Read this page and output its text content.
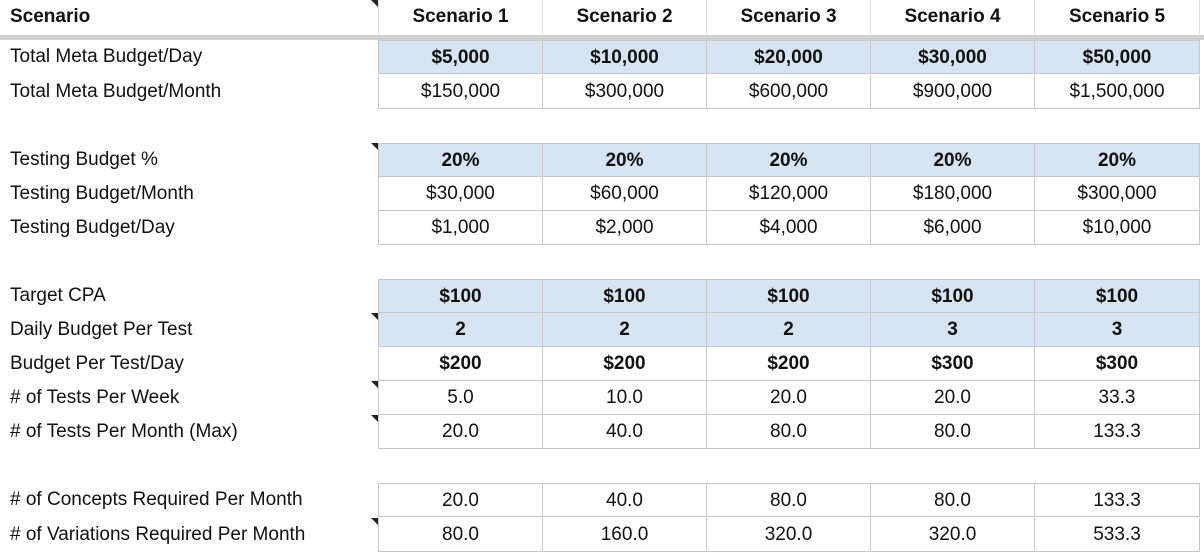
Scenario	Scenario 1	Scenario 2	Scenario 3	Scenario 4	Scenario 5
Total Meta Budget/Day	$5,000	$10,000	$20,000	$30,000	$50,000
Total Meta Budget/Month	$150,000	$300,000	$600,000	$900,000	$1,500,000
Testing Budget %	20%	20%	20%	20%	20%
Testing Budget/Month	$30,000	$60,000	$120,000	$180,000	$300,000
Testing Budget/Day	$1,000	$2,000	$4,000	$6,000	$10,000
Target CPA	$100	$100	$100	$100	$100
Daily Budget Per Test	2	2	2	3	3
Budget Per Test/Day	$200	$200	$200	$300	$300
# of Tests Per Week	5.0	10.0	20.0	20.0	33.3
# of Tests Per Month (Max)	20.0	40.0	80.0	80.0	133.3
# of Concepts Required Per Month	20.0	40.0	80.0	80.0	133.3
# of Variations Required Per Month	80.0	160.0	320.0	320.0	533.3
